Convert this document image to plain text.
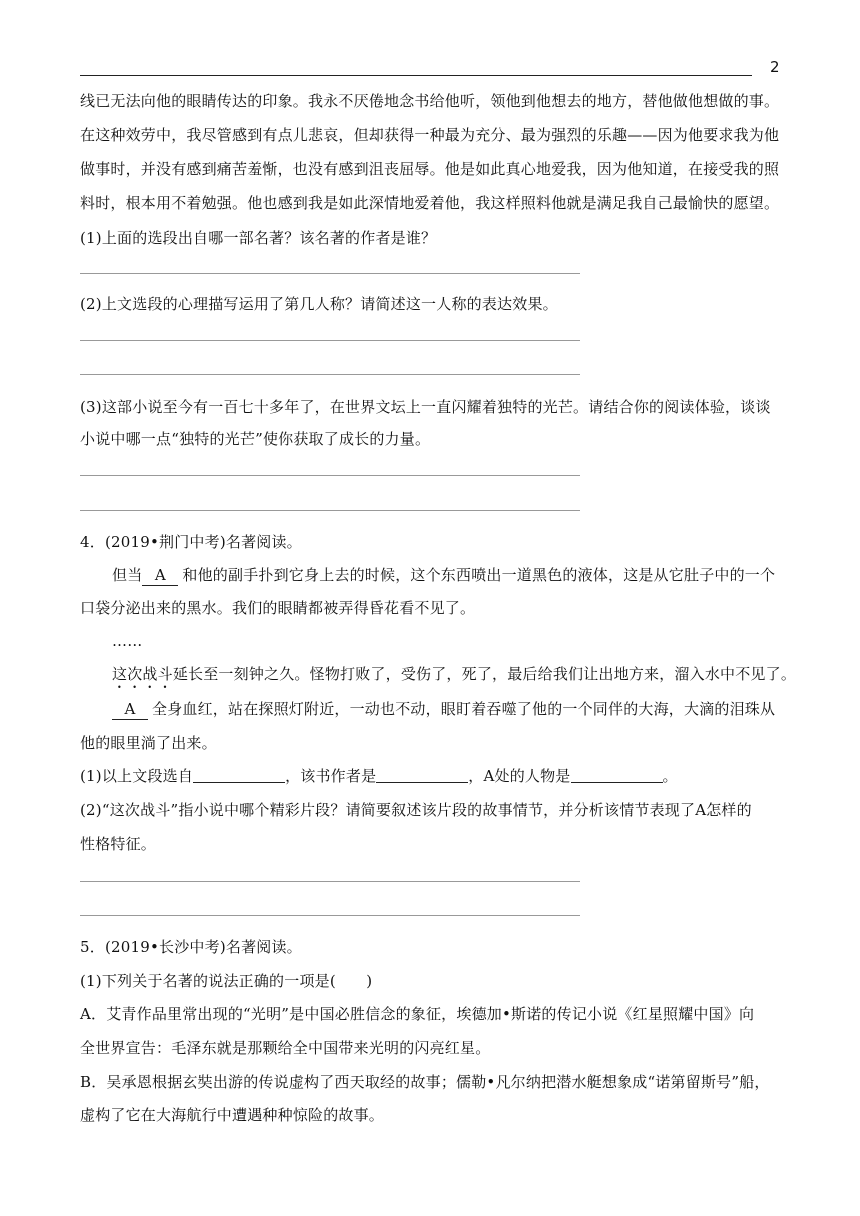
2
线已无法向他的眼睛传达的印象。我永不厌倦地念书给他听，领他到他想去的地方，替他做他想做的事。
在这种效劳中，我尽管感到有点儿悲哀，但却获得一种最为充分、最为强烈的乐趣——因为他要求我为他
做事时，并没有感到痛苦羞惭，也没有感到沮丧屈辱。他是如此真心地爱我，因为他知道，在接受我的照
料时，根本用不着勉强。他也感到我是如此深情地爱着他，我这样照料他就是满足我自己最愉快的愿望。
(1)上面的选段出自哪一部名著？该名著的作者是谁？
(2)上文选段的心理描写运用了第几人称？请简述这一人称的表达效果。
(3)这部小说至今有一百七十多年了，在世界文坛上一直闪耀着独特的光芒。请结合你的阅读体验，谈谈
小说中哪一点“独特的光芒”使你获取了成长的力量。
4．(2019•荆门中考)名著阅读。
但当 A 和他的副手扑到它身上去的时候，这个东西喷出一道黑色的液体，这是从它肚子中的一个
口袋分泌出来的黑水。我们的眼睛都被弄得昏花看不见了。
……
这次战斗延长至一刻钟之久。怪物打败了，受伤了，死了，最后给我们让出地方来，溜入水中不见了。
A 全身血红，站在探照灯附近，一动也不动，眼盯着吞噬了他的一个同伴的大海，大滴的泪珠从
他的眼里淌了出来。
(1)以上文段选自	，该书作者是	，A处的人物是	。
(2)“这次战斗”指小说中哪个精彩片段？请简要叙述该片段的故事情节，并分析该情节表现了A怎样的
性格特征。
5．(2019•长沙中考)名著阅读。
(1)下列关于名著的说法正确的一项是(　　)
A．艾青作品里常出现的“光明”是中国必胜信念的象征，埃德加•斯诺的传记小说《红星照耀中国》向
全世界宣告：毛泽东就是那颗给全中国带来光明的闪亮红星。
B．吴承恩根据玄奘出游的传说虚构了西天取经的故事；儒勒•凡尔纳把潜水艇想象成“诺第留斯号”船，
虚构了它在大海航行中遭遇种种惊险的故事。
